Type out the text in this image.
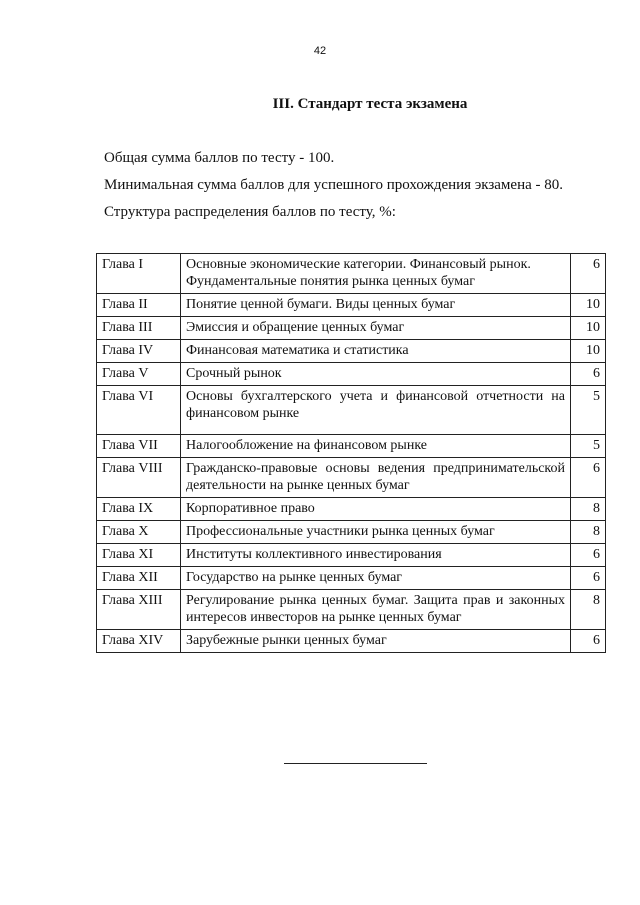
42
III. Стандарт теста экзамена

Общая сумма баллов по тесту - 100.

Минимальная сумма баллов для успешного прохождения экзамена - 80.

Структура распределения баллов по тесту, %:

Глава I	Основные экономические категории. Финансовый рынок. Фундаментальные понятия рынка ценных бумаг	6
Глава II	Понятие ценной бумаги. Виды ценных бумаг	10
Глава III	Эмиссия и обращение ценных бумаг	10
Глава IV	Финансовая математика и статистика	10
Глава V	Срочный рынок	6
Глава VI	Основы бухгалтерского учета и финансовой отчетности на финансовом рынке	5
Глава VII	Налогообложение на финансовом рынке	5
Глава VIII	Гражданско-правовые основы ведения предпринимательской деятельности на рынке ценных бумаг	6
Глава IX	Корпоративное право	8
Глава X	Профессиональные участники рынка ценных бумаг	8
Глава XI	Институты коллективного инвестирования	6
Глава XII	Государство на рынке ценных бумаг	6
Глава XIII	Регулирование рынка ценных бумаг. Защита прав и законных интересов инвесторов на рынке ценных бумаг	8
Глава XIV	Зарубежные рынки ценных бумаг	6
